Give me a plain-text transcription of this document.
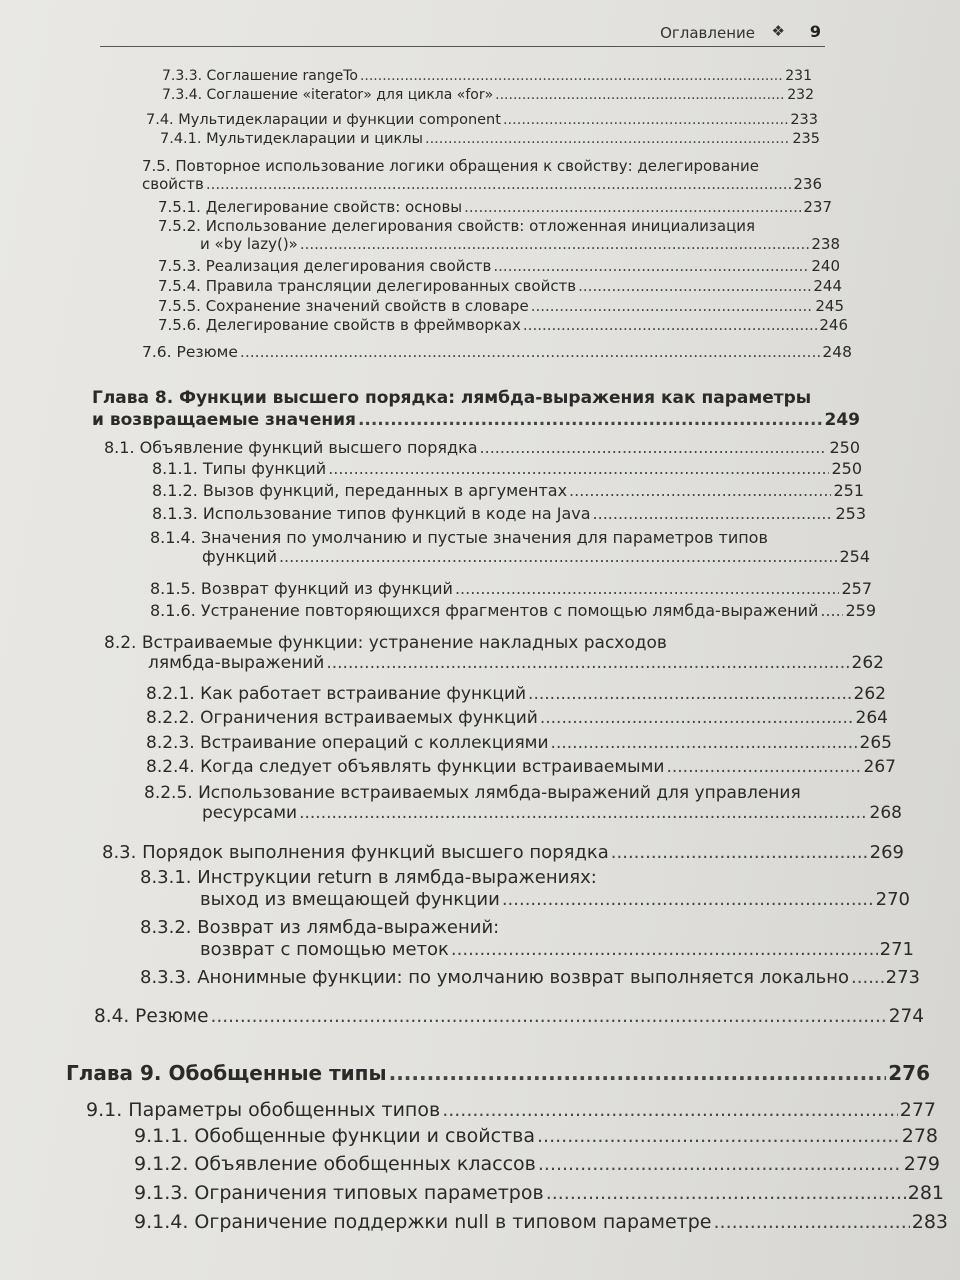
Оглавление ❖ 9
7.3.3. Соглашение rangeTo .....	231
7.3.4. Соглашение «iterator» для цикла «for» .....	232
7.4. Мультидекларации и функции component .....	233
7.4.1. Мультидекларации и циклы .....	235
7.5. Повторное использование логики обращения к свойству: делегирование
свойств .....	236
7.5.1. Делегирование свойств: основы .....	237
7.5.2. Использование делегирования свойств: отложенная инициализация
и «by lazy()» .....	238
7.5.3. Реализация делегирования свойств .....	240
7.5.4. Правила трансляции делегированных свойств .....	244
7.5.5. Сохранение значений свойств в словаре .....	245
7.5.6. Делегирование свойств в фреймворках .....	246
7.6. Резюме .....	248
Глава 8. Функции высшего порядка: лямбда-выражения как параметры
и возвращаемые значения .....	249
8.1. Объявление функций высшего порядка .....	250
8.1.1. Типы функций .....	250
8.1.2. Вызов функций, переданных в аргументах .....	251
8.1.3. Использование типов функций в коде на Java .....	253
8.1.4. Значения по умолчанию и пустые значения для параметров типов
функций .....	254
8.1.5. Возврат функций из функций .....	257
8.1.6. Устранение повторяющихся фрагментов с помощью лямбда-выражений ..... 259
8.2. Встраиваемые функции: устранение накладных расходов
лямбда-выражений .....	262
8.2.1. Как работает встраивание функций .....	262
8.2.2. Ограничения встраиваемых функций .....	264
8.2.3. Встраивание операций с коллекциями .....	265
8.2.4. Когда следует объявлять функции встраиваемыми .....	267
8.2.5. Использование встраиваемых лямбда-выражений для управления
ресурсами .....	268
8.3. Порядок выполнения функций высшего порядка .....	269
8.3.1. Инструкции return в лямбда-выражениях:
выход из вмещающей функции .....	270
8.3.2. Возврат из лямбда-выражений:
возврат с помощью меток .....	271
8.3.3. Анонимные функции: по умолчанию возврат выполняется локально ..... 273
8.4. Резюме .....	274
Глава 9. Обобщенные типы .....	276
9.1. Параметры обобщенных типов .....	277
9.1.1. Обобщенные функции и свойства .....	278
9.1.2. Объявление обобщенных классов .....	279
9.1.3. Ограничения типовых параметров .....	281
9.1.4. Ограничение поддержки null в типовом параметре .....	283
